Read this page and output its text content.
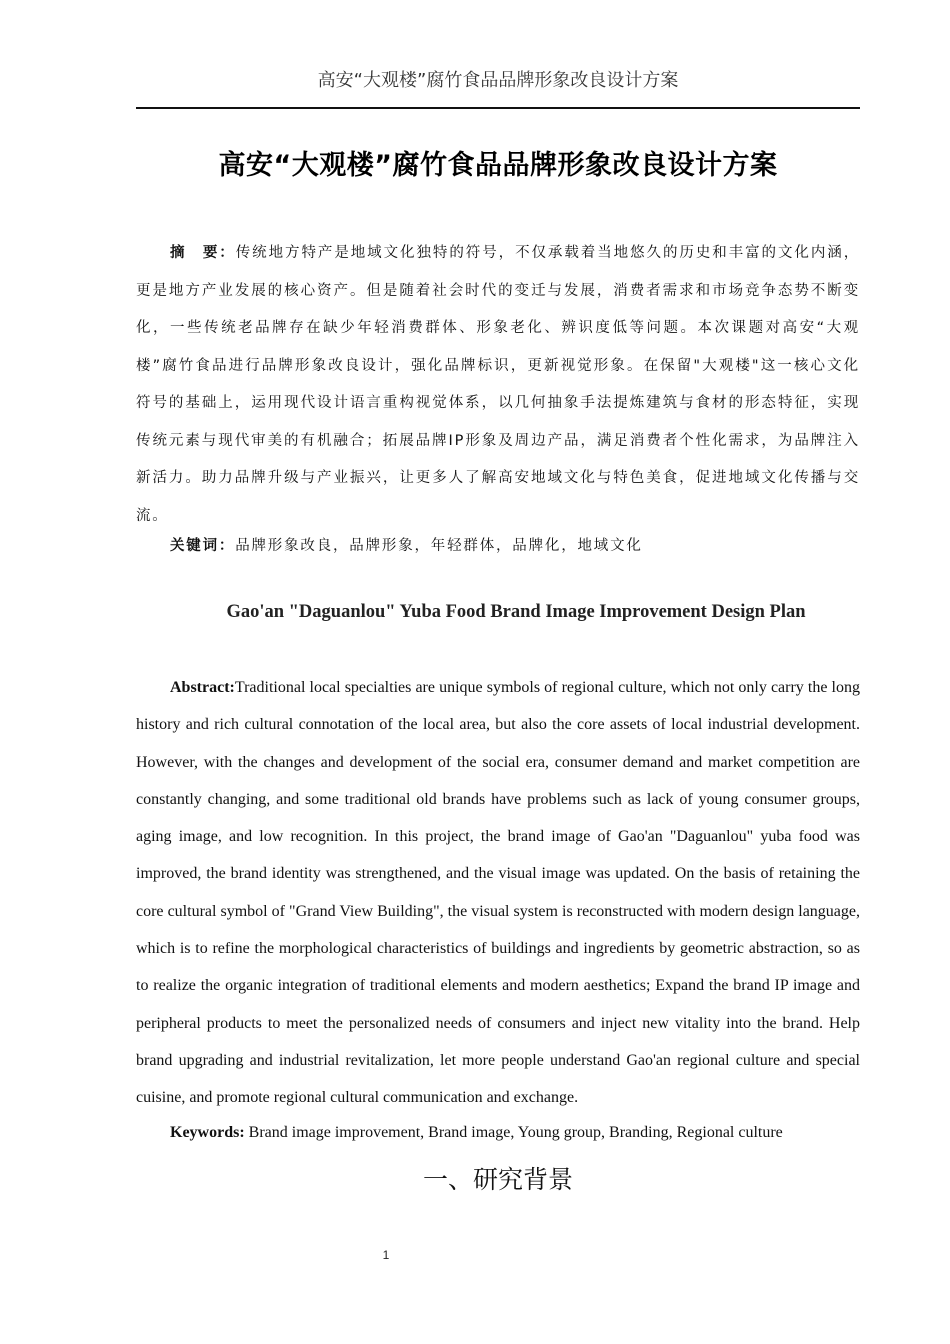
高安“大观楼”腐竹食品品牌形象改良设计方案
高安“大观楼”腐竹食品品牌形象改良设计方案

摘　要：传统地方特产是地域文化独特的符号，不仅承载着当地悠久的历史和丰富的文化内涵，更是地方产业发展的核心资产。但是随着社会时代的变迁与发展，消费者需求和市场竞争态势不断变化，一些传统老品牌存在缺少年轻消费群体、形象老化、辨识度低等问题。本次课题对高安“大观楼”腐竹食品进行品牌形象改良设计，强化品牌标识，更新视觉形象。在保留"大观楼"这一核心文化符号的基础上，运用现代设计语言重构视觉体系，以几何抽象手法提炼建筑与食材的形态特征，实现传统元素与现代审美的有机融合；拓展品牌IP形象及周边产品，满足消费者个性化需求，为品牌注入新活力。助力品牌升级与产业振兴，让更多人了解高安地域文化与特色美食，促进地域文化传播与交流。

关键词：品牌形象改良，品牌形象，年轻群体，品牌化，地域文化

Gao'an "Daguanlou" Yuba Food Brand Image Improvement Design Plan

Abstract:Traditional local specialties are unique symbols of regional culture, which not only carry the long history and rich cultural connotation of the local area, but also the core assets of local industrial development. However, with the changes and development of the social era, consumer demand and market competition are constantly changing, and some traditional old brands have problems such as lack of young consumer groups, aging image, and low recognition. In this project, the brand image of Gao'an "Daguanlou" yuba food was improved, the brand identity was strengthened, and the visual image was updated. On the basis of retaining the core cultural symbol of "Grand View Building", the visual system is reconstructed with modern design language, which is to refine the morphological characteristics of buildings and ingredients by geometric abstraction, so as to realize the organic integration of traditional elements and modern aesthetics; Expand the brand IP image and peripheral products to meet the personalized needs of consumers and inject new vitality into the brand. Help brand upgrading and industrial revitalization, let more people understand Gao'an regional culture and special cuisine, and promote regional cultural communication and exchange.

Keywords: Brand image improvement, Brand image, Young group, Branding, Regional culture

一、研究背景
1
